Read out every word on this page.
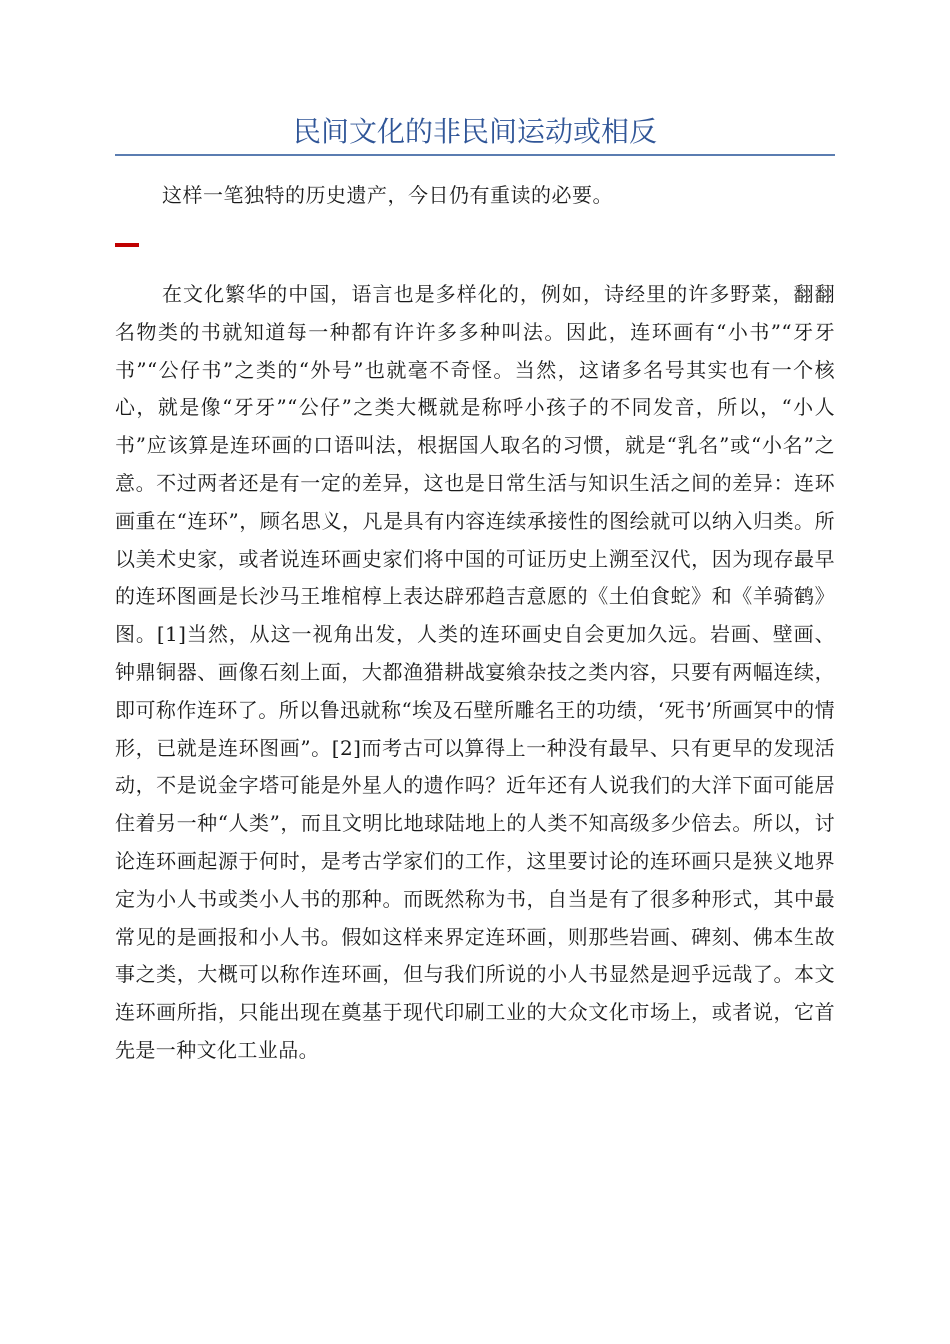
民间文化的非民间运动或相反

这样一笔独特的历史遗产，今日仍有重读的必要。

在文化繁华的中国，语言也是多样化的，例如，诗经里的许多野菜，翻翻名物类的书就知道每一种都有许许多多种叫法。因此，连环画有“小书”“牙牙书”“公仔书”之类的“外号”也就毫不奇怪。当然，这诸多名号其实也有一个核心，就是像“牙牙”“公仔”之类大概就是称呼小孩子的不同发音，所以，“小人书”应该算是连环画的口语叫法，根据国人取名的习惯，就是“乳名”或“小名”之意。不过两者还是有一定的差异，这也是日常生活与知识生活之间的差异：连环画重在“连环”，顾名思义，凡是具有内容连续承接性的图绘就可以纳入归类。所以美术史家，或者说连环画史家们将中国的可证历史上溯至汉代，因为现存最早的连环图画是长沙马王堆棺椁上表达辟邪趋吉意愿的《土伯食蛇》和《羊骑鹤》图。[1]当然，从这一视角出发，人类的连环画史自会更加久远。岩画、壁画、钟鼎铜器、画像石刻上面，大都渔猎耕战宴飨杂技之类内容，只要有两幅连续，即可称作连环了。所以鲁迅就称“埃及石壁所雕名王的功绩，‘死书’所画冥中的情形，已就是连环图画”。[2]而考古可以算得上一种没有最早、只有更早的发现活动，不是说金字塔可能是外星人的遗作吗？近年还有人说我们的大洋下面可能居住着另一种“人类”，而且文明比地球陆地上的人类不知高级多少倍去。所以，讨论连环画起源于何时，是考古学家们的工作，这里要讨论的连环画只是狭义地界定为小人书或类小人书的那种。而既然称为书，自当是有了很多种形式，其中最常见的是画报和小人书。假如这样来界定连环画，则那些岩画、碑刻、佛本生故事之类，大概可以称作连环画，但与我们所说的小人书显然是迥乎远哉了。本文连环画所指，只能出现在奠基于现代印刷工业的大众文化市场上，或者说，它首先是一种文化工业品。
